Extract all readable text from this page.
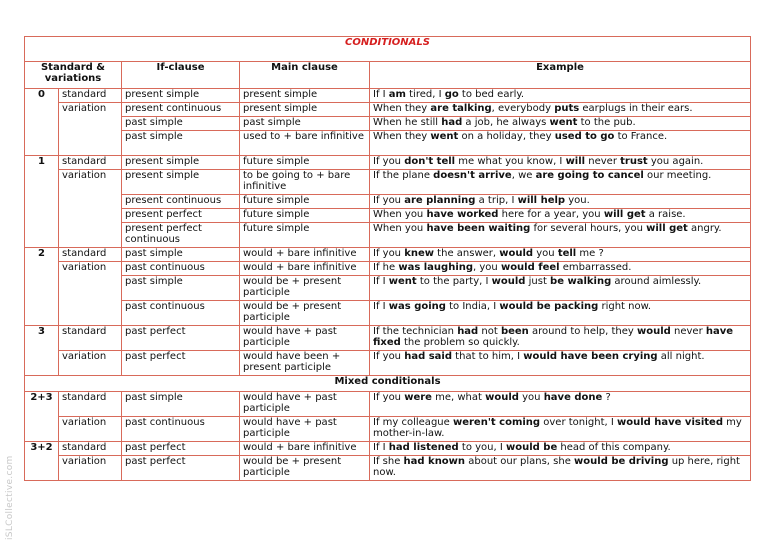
CONDITIONALS				
Standard & variations		If-clause	Main clause	Example
0	standard	present simple	present simple	If I am tired, I go to bed early.
	variation	present continuous	present simple	When they are talking, everybody puts earplugs in their ears.
		past simple	past simple	When he still had a job, he always went to the pub.
		past simple	used to + bare infinitive	When they went on a holiday, they used to go to France.
1	standard	present simple	future simple	If you don't tell me what you know, I will never trust you again.
	variation	present simple	to be going to + bare infinitive	If the plane doesn't arrive, we are going to cancel our meeting.
		present continuous	future simple	If you are planning a trip, I will help you.
		present perfect	future simple	When you have worked here for a year, you will get a raise.
		present perfect continuous	future simple	When you have been waiting for several hours, you will get angry.
2	standard	past simple	would + bare infinitive	If you knew the answer, would you tell me ?
	variation	past continuous	would + bare infinitive	If he was laughing, you would feel embarrassed.
		past simple	would be + present participle	If I went to the party, I would just be walking around aimlessly.
		past continuous	would be + present participle	If I was going to India, I would be packing right now.
3	standard	past perfect	would have + past participle	If the technician had not been around to help, they would never have fixed the problem so quickly.
	variation	past perfect	would have been + present participle	If you had said that to him, I would have been crying all night.
Mixed conditionals				
2+3	standard	past simple	would have + past participle	If you were me, what would you have done ?
	variation	past continuous	would have + past participle	If my colleague weren't coming over tonight, I would have visited my mother-in-law.
3+2	standard	past perfect	would + bare infinitive	If I had listened to you, I would be head of this company.
	variation	past perfect	would be + present participle	If she had known about our plans, she would be driving up here, right now.
iSLCollective.com
